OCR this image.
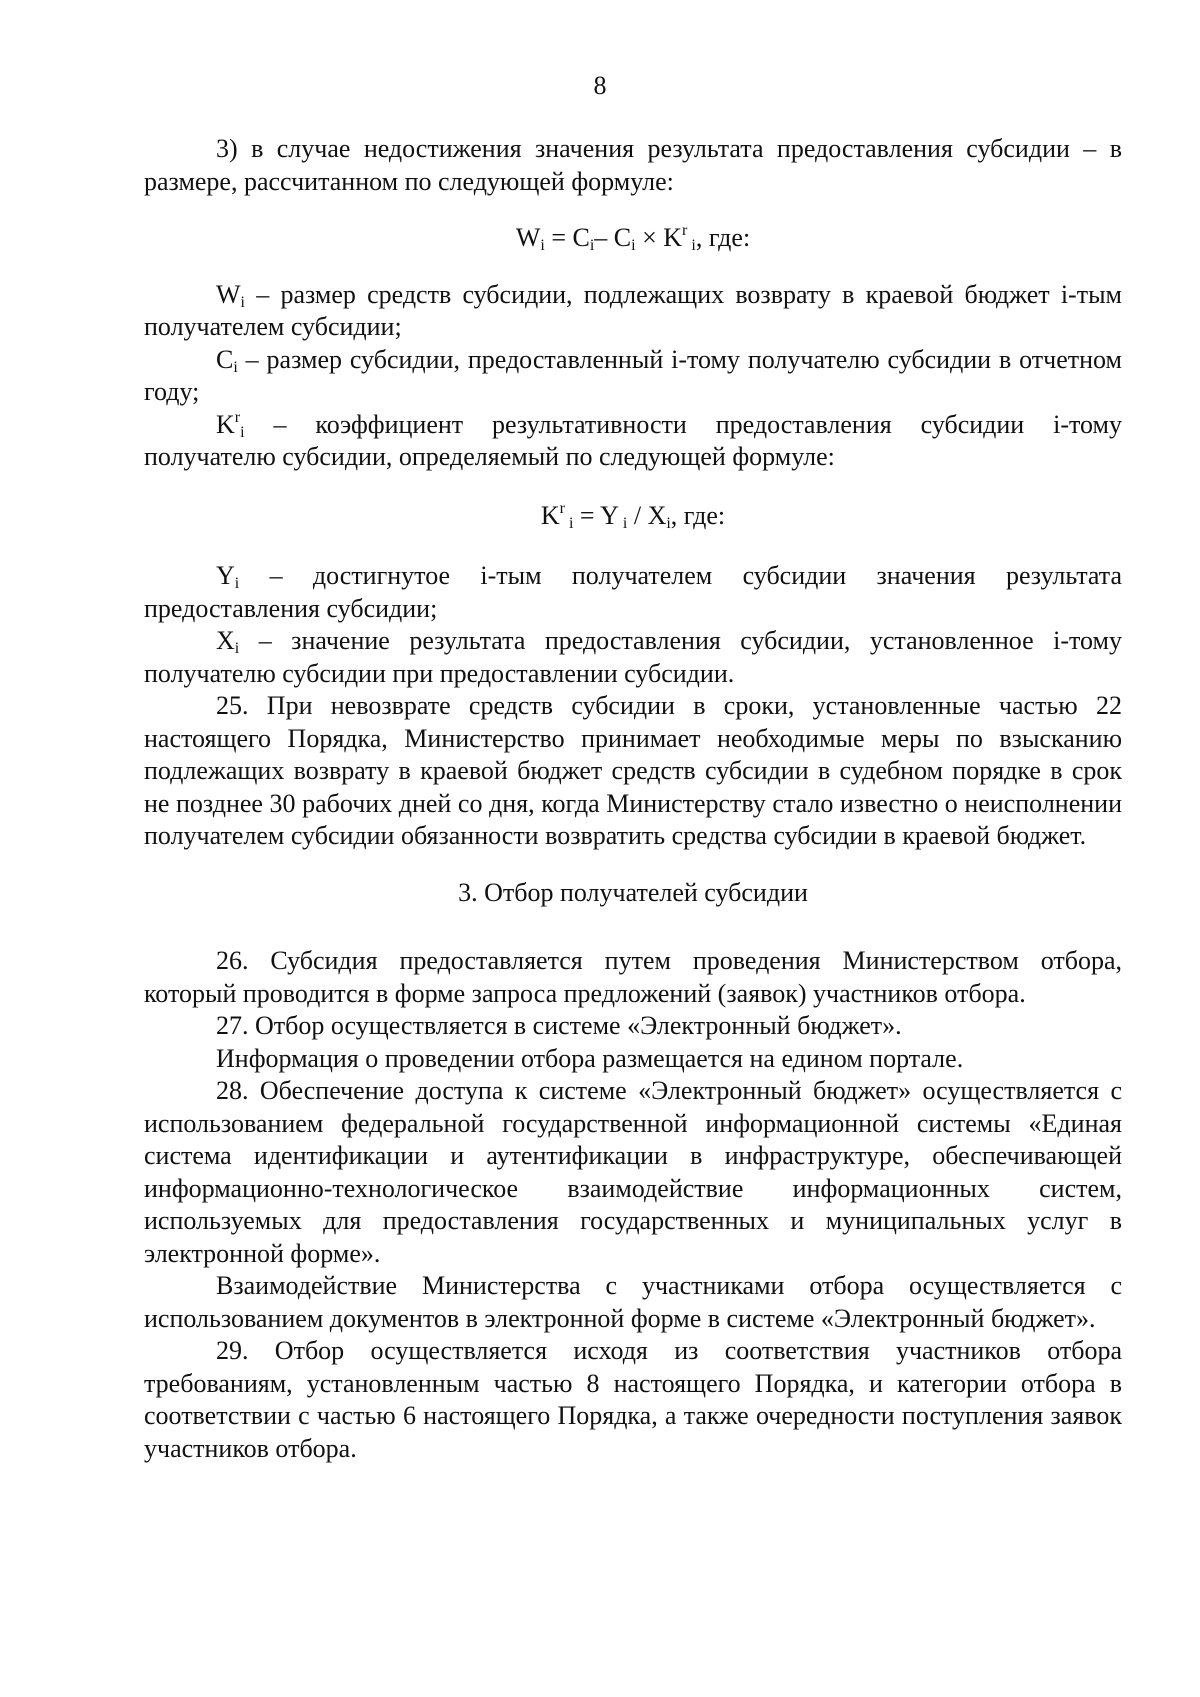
8

3) в случае недостижения значения результата предоставления субсидии – в размере, рассчитанном по следующей формуле:

$W_i = C_i-$ $C_i \times K^r$ $_i$, где:

$W_i$ – размер средств субсидии, подлежащих возврату в краевой бюджет i-тым получателем субсидии;

$C_i$ – размер субсидии, предоставленный i-тому получателю субсидии в отчетном году;

$K^r_i$ – коэффициент результативности предоставления субсидии i-тому получателю субсидии, определяемый по следующей формуле:

$K^r$ $_i$ = Y $_i / X_i$, где:

$Y_i$ – достигнутое i-тым получателем субсидии значения результата предоставления субсидии;

$X_i$ – значение результата предоставления субсидии, установленное i-тому получателю субсидии при предоставлении субсидии.

25. При невозврате средств субсидии в сроки, установленные частью 22 настоящего Порядка, Министерство принимает необходимые меры по взысканию подлежащих возврату в краевой бюджет средств субсидии в судебном порядке в срок не позднее 30 рабочих дней со дня, когда Министерству стало известно о неисполнении получателем субсидии обязанности возвратить средства субсидии в краевой бюджет.

3. Отбор получателей субсидии

26. Субсидия предоставляется путем проведения Министерством отбора, который проводится в форме запроса предложений (заявок) участников отбора.

27. Отбор осуществляется в системе «Электронный бюджет».

Информация о проведении отбора размещается на едином портале.

28. Обеспечение доступа к системе «Электронный бюджет» осуществляется с использованием федеральной государственной информационной системы «Единая система идентификации и аутентификации в инфраструктуре, обеспечивающей информационно-технологическое взаимодействие информационных систем, используемых для предоставления государственных и муниципальных услуг в электронной форме».

Взаимодействие Министерства с участниками отбора осуществляется с использованием документов в электронной форме в системе «Электронный бюджет».

29. Отбор осуществляется исходя из соответствия участников отбора требованиям, установленным частью 8 настоящего Порядка, и категории отбора в соответствии с частью 6 настоящего Порядка, а также очередности поступления заявок участников отбора.
